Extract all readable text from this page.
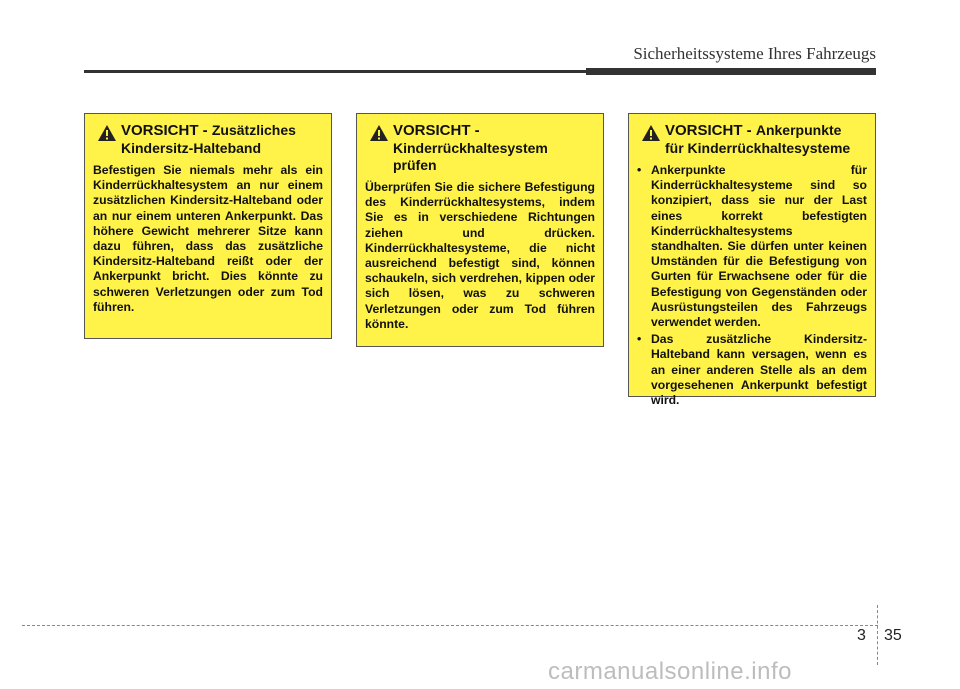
Sicherheitssysteme Ihres Fahrzeugs
VORSICHT - Zusätzliches
Kindersitz-Halteband
Befestigen Sie niemals mehr als ein Kinderrückhaltesystem an nur einem zusätzlichen Kindersitz-Halteband oder an nur einem unteren Ankerpunkt. Das höhere Gewicht mehrerer Sitze kann dazu führen, dass das zusätzliche Kindersitz-Halteband reißt oder der Ankerpunkt bricht. Dies könnte zu schweren Verletzungen oder zum Tod führen.
VORSICHT -
Kinderrückhaltesystem
prüfen
Überprüfen Sie die sichere Befestigung des Kinderrückhaltesystems, indem Sie es in verschiedene Richtungen ziehen und drücken. Kinderrückhaltesysteme, die nicht ausreichend befestigt sind, können schaukeln, sich verdrehen, kippen oder sich lösen, was zu schweren Verletzungen oder zum Tod führen könnte.
VORSICHT - Ankerpunkte
für Kinderrückhaltesysteme
• Ankerpunkte für Kinderrückhaltesysteme sind so konzipiert, dass sie nur der Last eines korrekt befestigten Kinderrückhaltesystems standhalten. Sie dürfen unter keinen Umständen für die Befestigung von Gurten für Erwachsene oder für die Befestigung von Gegenständen oder Ausrüstungsteilen des Fahrzeugs verwendet werden.
• Das zusätzliche Kindersitz-Halteband kann versagen, wenn es an einer anderen Stelle als an dem vorgesehenen Ankerpunkt befestigt wird.
3 35
carmanualsonline.info
